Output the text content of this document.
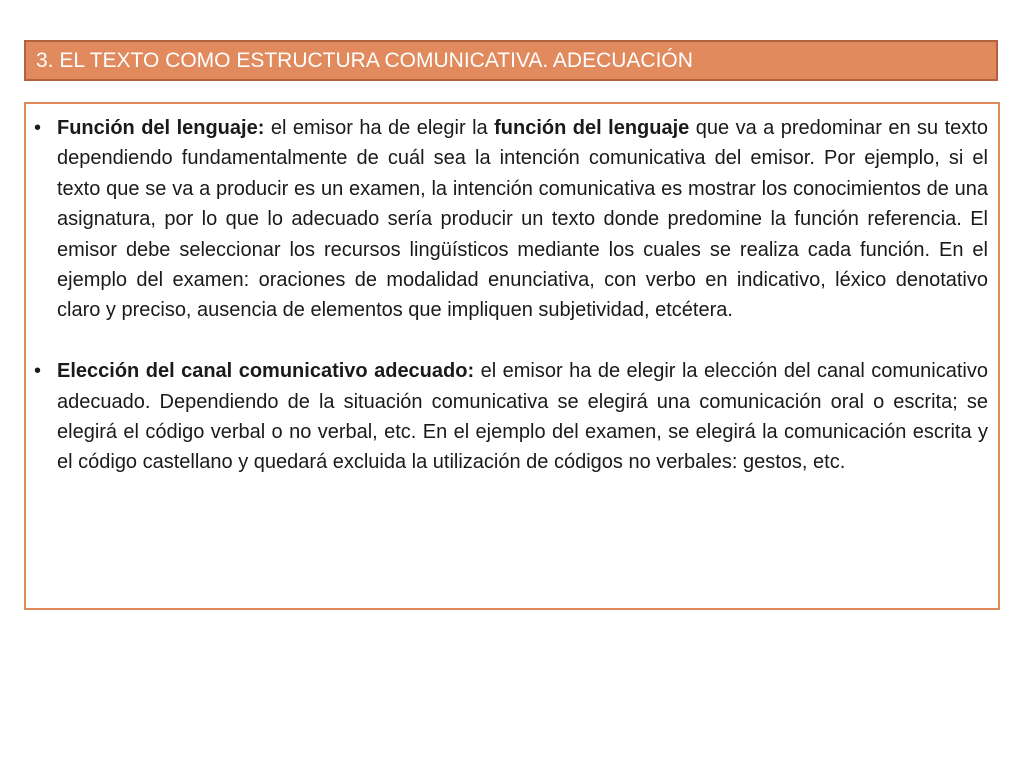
3. EL TEXTO COMO ESTRUCTURA COMUNICATIVA. ADECUACIÓN
• Función del lenguaje: el emisor ha de elegir la función del lenguaje que va a predominar en su texto dependiendo fundamentalmente de cuál sea la intención comunicativa del emisor. Por ejemplo, si el texto que se va a producir es un examen, la intención comunicativa es mostrar los conocimientos de una asignatura, por lo que lo adecuado sería producir un texto donde predomine la función referencia. El emisor debe seleccionar los recursos lingüísticos mediante los cuales se realiza cada función. En el ejemplo del examen: oraciones de modalidad enunciativa, con verbo en indicativo, léxico denotativo claro y preciso, ausencia de elementos que impliquen subjetividad, etcétera.
• Elección del canal comunicativo adecuado: el emisor ha de elegir la elección del canal comunicativo adecuado. Dependiendo de la situación comunicativa se elegirá una comunicación oral o escrita; se elegirá el código verbal o no verbal, etc. En el ejemplo del examen, se elegirá la comunicación escrita y el código castellano y quedará excluida la utilización de códigos no verbales: gestos, etc.
